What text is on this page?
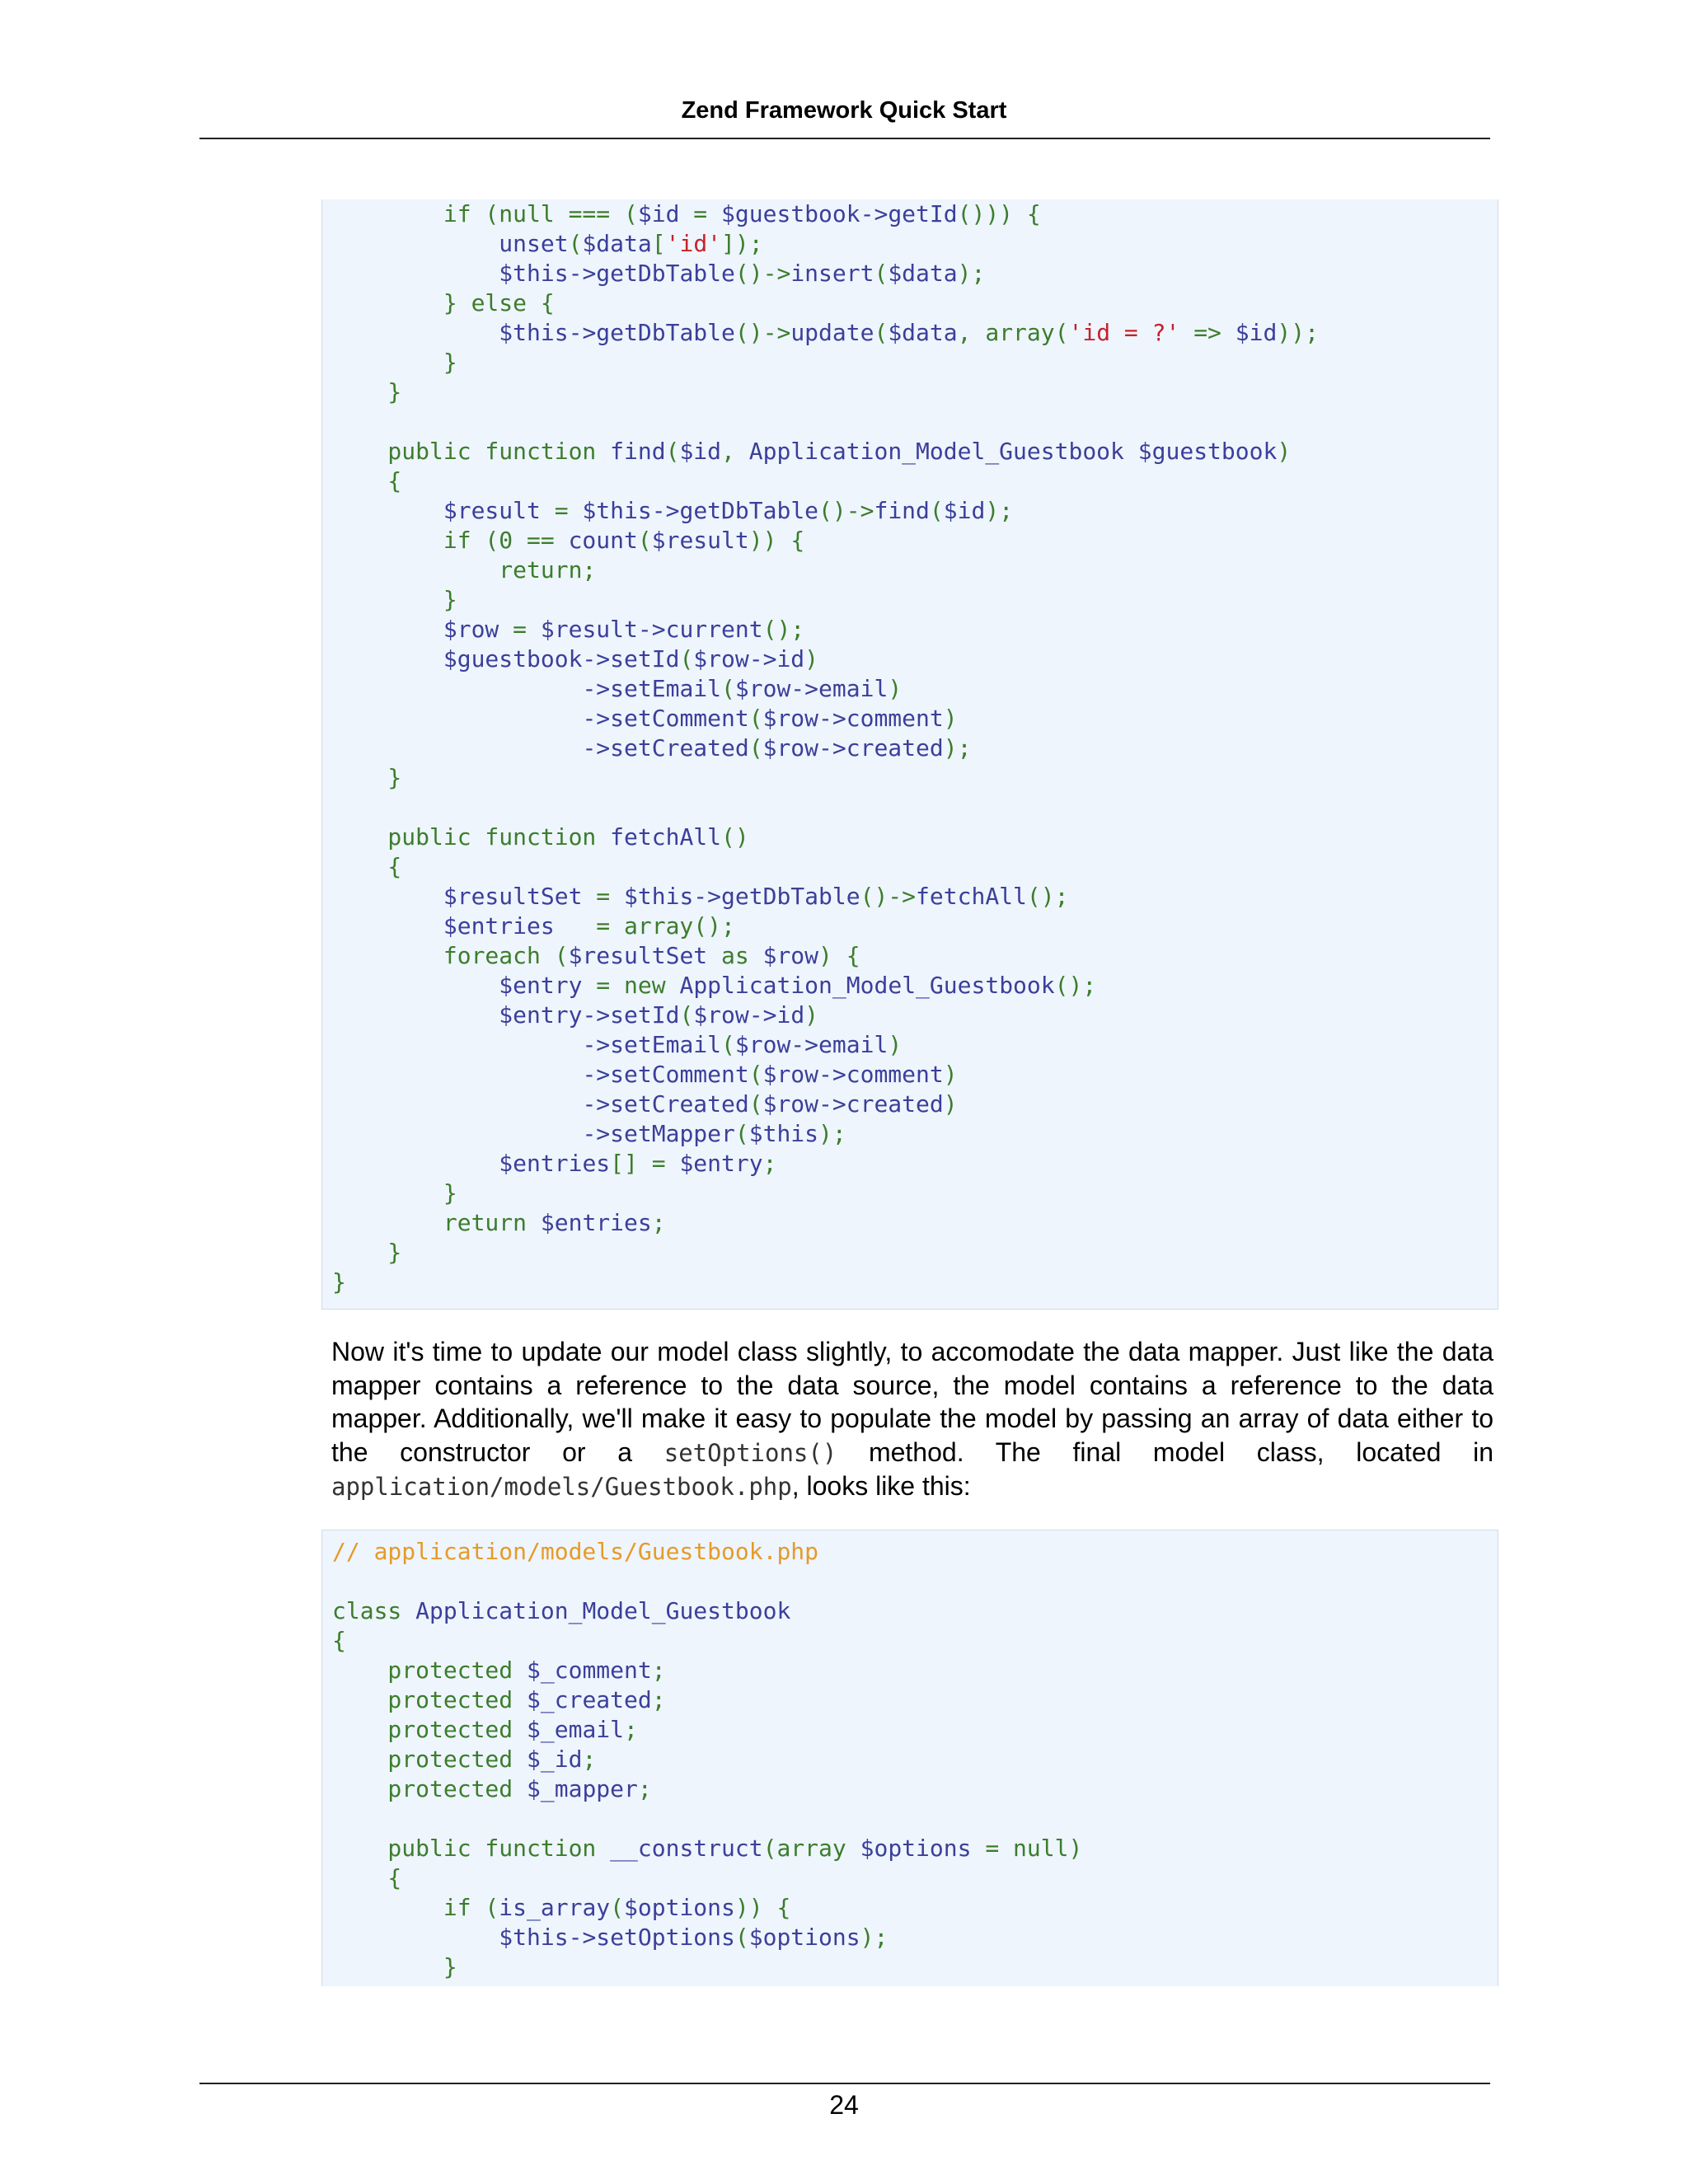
Zend Framework Quick Start
if (null === ($id = $guestbook->getId())) {
unset($data['id']);
$this->getDbTable()->insert($data);
} else {
$this->getDbTable()->update($data, array('id = ?' => $id));
}
}
public function find($id, Application_Model_Guestbook $guestbook)
{
$result = $this->getDbTable()->find($id);
if (0 == count($result)) {
return;
}
$row = $result->current();
$guestbook->setId($row->id)
->setEmail($row->email)
->setComment($row->comment)
->setCreated($row->created);
}
public function fetchAll()
{
$resultSet = $this->getDbTable()->fetchAll();
$entries   = array();
foreach ($resultSet as $row) {
$entry = new Application_Model_Guestbook();
$entry->setId($row->id)
->setEmail($row->email)
->setComment($row->comment)
->setCreated($row->created)
->setMapper($this);
$entries[] = $entry;
}
return $entries;
}
}
Now it's time to update our model class slightly, to accomodate the data mapper. Just like the data mapper contains a reference to the data source, the model contains a reference to the data mapper. Additionally, we'll make it easy to populate the model by passing an array of data either to the constructor or a setOptions() method. The final model class, located in application/models/Guestbook.php, looks like this:
// application/models/Guestbook.php
class Application_Model_Guestbook
{
protected $_comment;
protected $_created;
protected $_email;
protected $_id;
protected $_mapper;
public function __construct(array $options = null)
{
if (is_array($options)) {
$this->setOptions($options);
}
24
